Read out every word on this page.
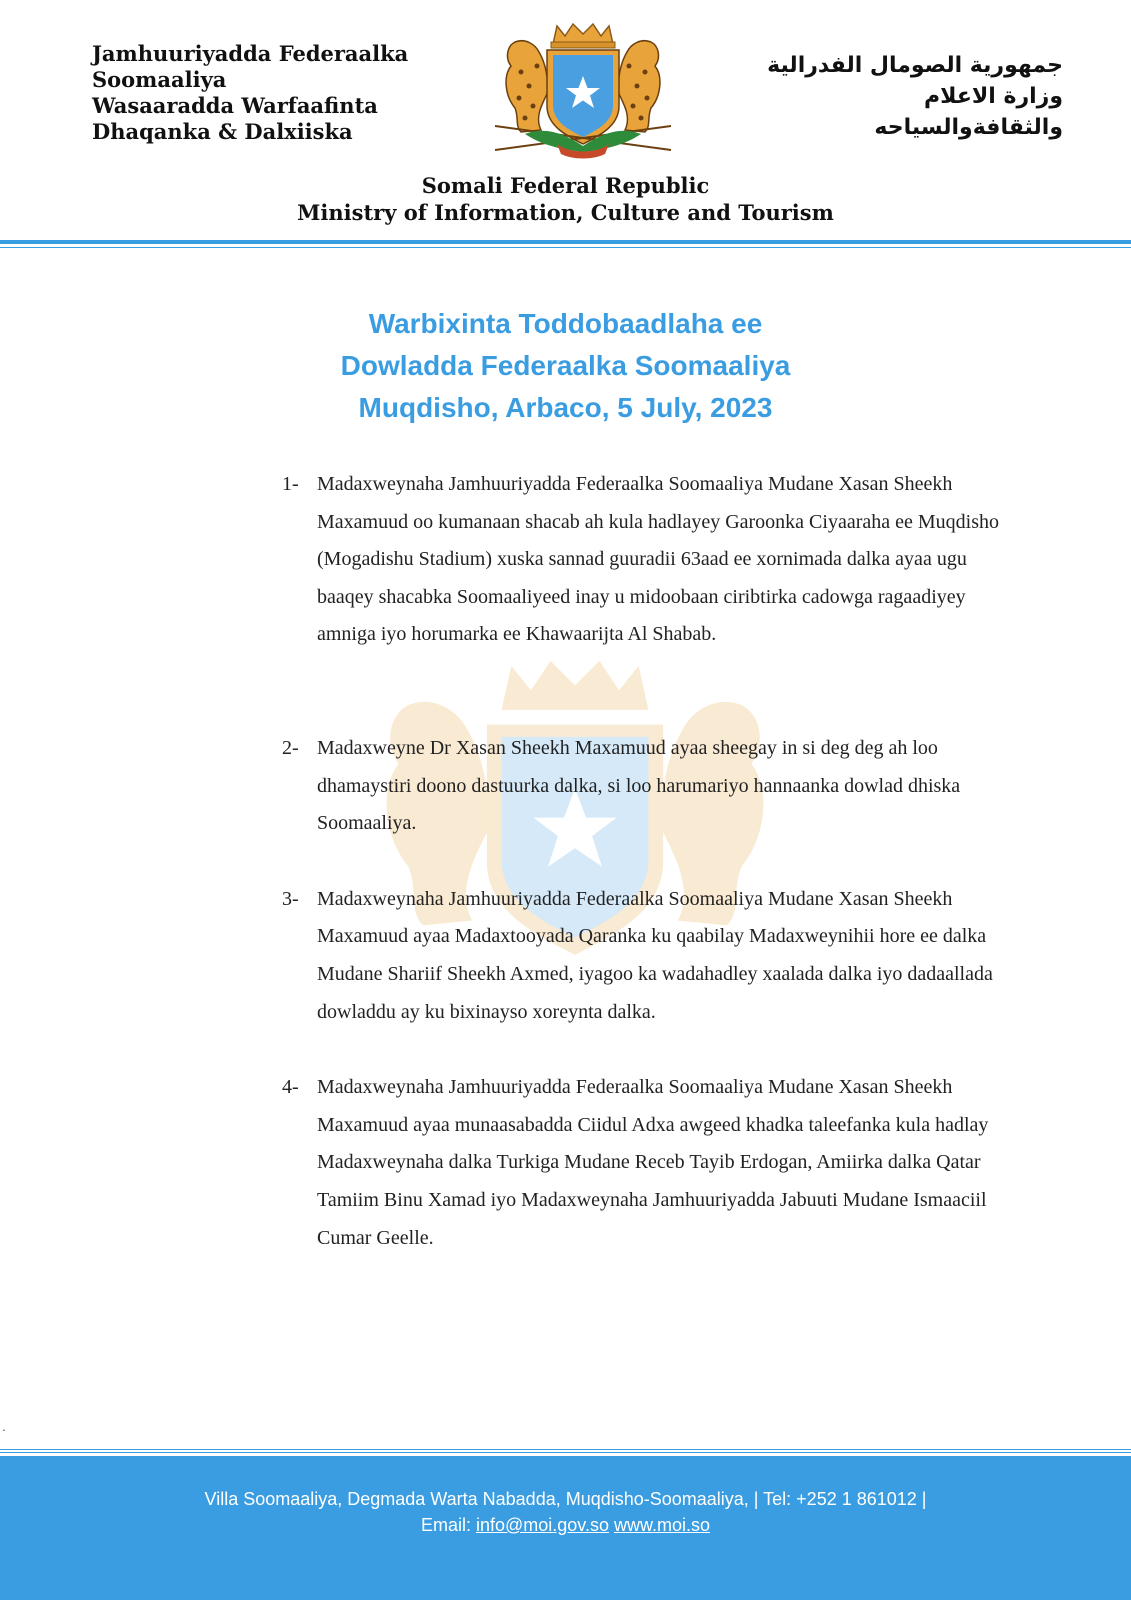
Jamhuuriyadda Federaalka
Soomaaliya
Wasaaradda Warfaafinta
Dhaqanka & Dalxiiska
جمهورية الصومال الفدرالية
وزارة الاعلام
والثقافةوالسياحه
Somali Federal Republic
Ministry of Information, Culture and Tourism
Warbixinta Toddobaadlaha ee
Dowladda Federaalka Soomaaliya
Muqdisho, Arbaco, 5 July, 2023
1- Madaxweynaha Jamhuuriyadda Federaalka Soomaaliya Mudane Xasan Sheekh Maxamuud oo kumanaan shacab ah kula hadlayey Garoonka Ciyaaraha ee Muqdisho (Mogadishu Stadium) xuska sannad guuradii 63aad ee xornimada dalka ayaa ugu baaqey shacabka Soomaaliyeed inay u midoobaan ciribtirka cadowga ragaadiyey amniga iyo horumarka ee Khawaarijta Al Shabab.

2- Madaxweyne Dr Xasan Sheekh Maxamuud ayaa sheegay in si deg deg ah loo dhamaystiri doono dastuurka dalka, si loo harumariyo hannaanka dowlad dhiska Soomaaliya.

3- Madaxweynaha Jamhuuriyadda Federaalka Soomaaliya Mudane Xasan Sheekh Maxamuud ayaa Madaxtooyada Qaranka ku qaabilay Madaxweynihii hore ee dalka Mudane Shariif Sheekh Axmed, iyagoo ka wadahadley xaalada dalka iyo dadaallada dowladdu ay ku bixinayso xoreynta dalka.

4- Madaxweynaha Jamhuuriyadda Federaalka Soomaaliya Mudane Xasan Sheekh Maxamuud ayaa munaasabadda Ciidul Adxa awgeed khadka taleefanka kula hadlay Madaxweynaha dalka Turkiga Mudane Receb Tayib Erdogan, Amiirka dalka Qatar Tamiim Binu Xamad iyo Madaxweynaha Jamhuuriyadda Jabuuti Mudane Ismaaciil Cumar Geelle.

.
Villa Soomaaliya, Degmada Warta Nabadda, Muqdisho-Soomaaliya, | Tel: +252 1 861012 |
Email: info@moi.gov.so www.moi.so
